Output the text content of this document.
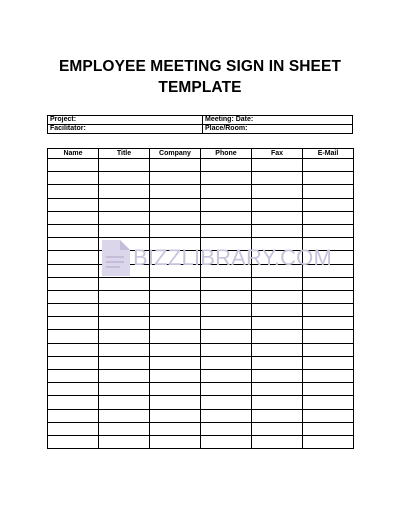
EMPLOYEE MEETING SIGN IN SHEET
TEMPLATE
Project:	Meeting: Date:
Facilitator:	Place/Room:
Name	Title	Company	Phone	Fax	E-Mail

BIZZLIBRARY.COM
